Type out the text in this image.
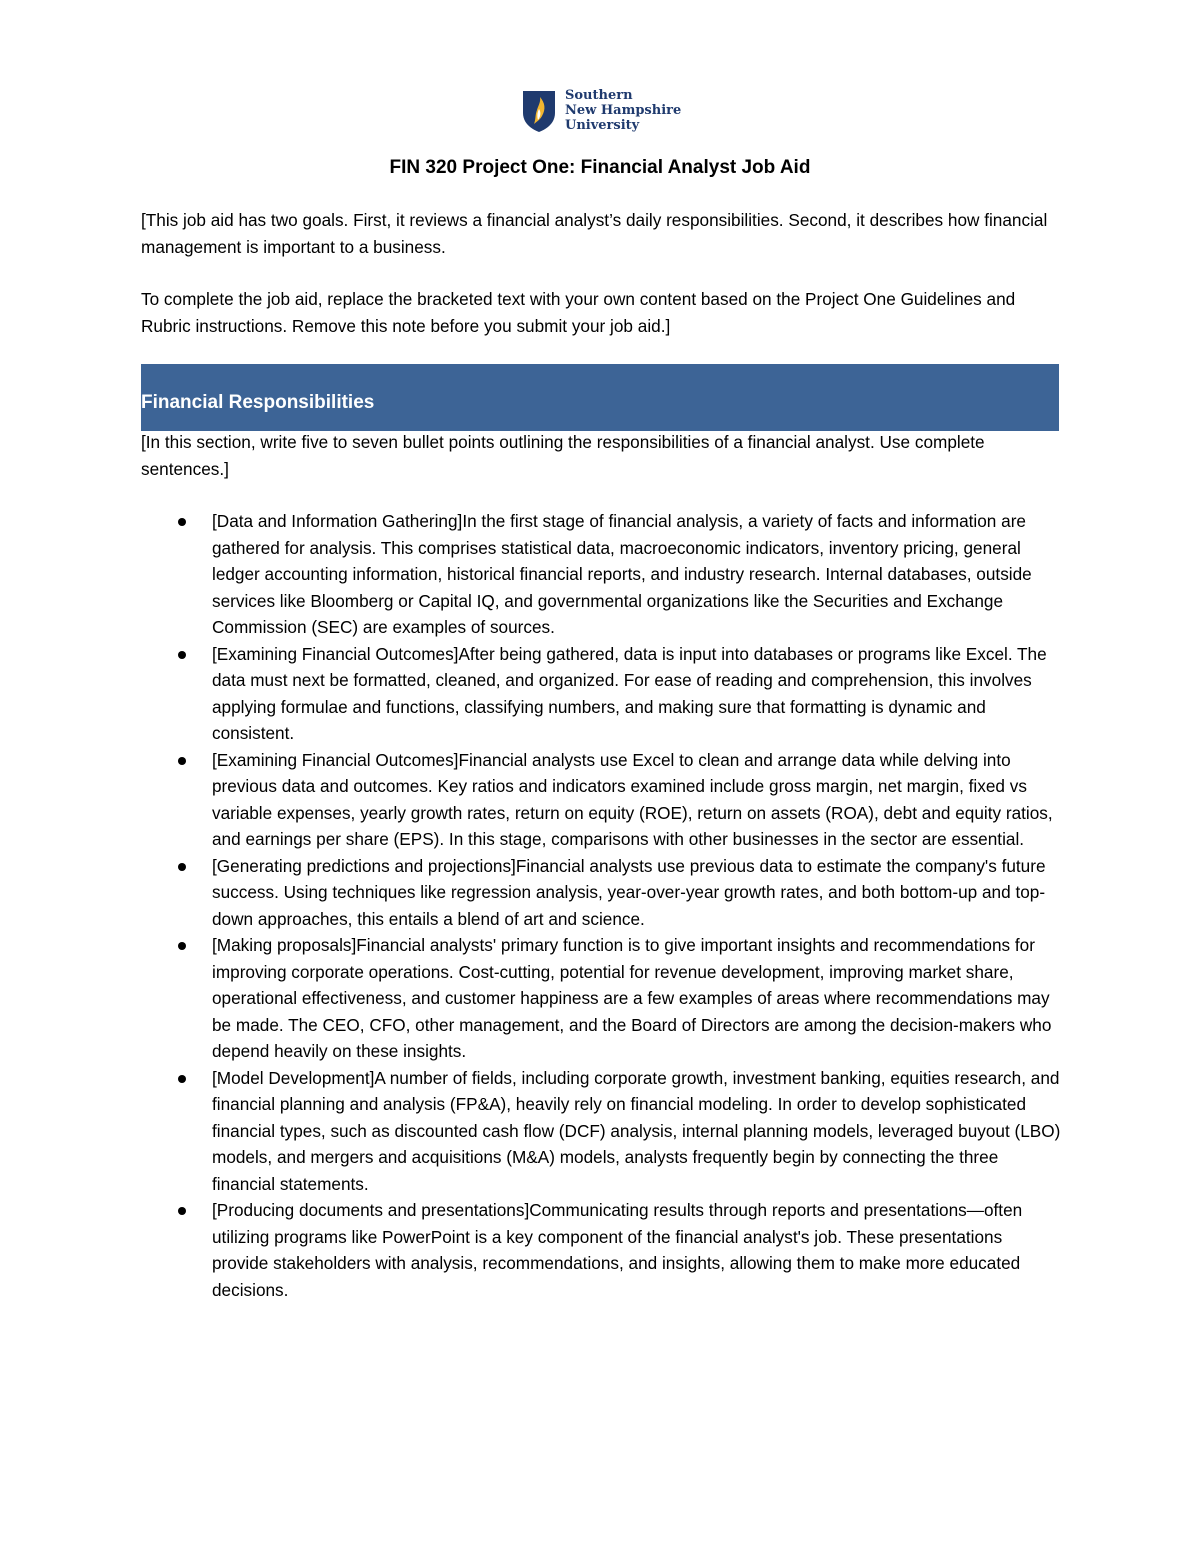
Southern
New Hampshire
University
FIN 320 Project One: Financial Analyst Job Aid
[This job aid has two goals. First, it reviews a financial analyst’s daily responsibilities. Second, it describes how financial management is important to a business.
To complete the job aid, replace the bracketed text with your own content based on the Project One Guidelines and Rubric instructions. Remove this note before you submit your job aid.]
Financial Responsibilities
[In this section, write five to seven bullet points outlining the responsibilities of a financial analyst. Use complete sentences.]
[Data and Information Gathering]In the first stage of financial analysis, a variety of facts and information are gathered for analysis. This comprises statistical data, macroeconomic indicators, inventory pricing, general ledger accounting information, historical financial reports, and industry research. Internal databases, outside services like Bloomberg or Capital IQ, and governmental organizations like the Securities and Exchange Commission (SEC) are examples of sources.
[Examining Financial Outcomes]After being gathered, data is input into databases or programs like Excel. The data must next be formatted, cleaned, and organized. For ease of reading and comprehension, this involves applying formulae and functions, classifying numbers, and making sure that formatting is dynamic and consistent.
[Examining Financial Outcomes]Financial analysts use Excel to clean and arrange data while delving into previous data and outcomes. Key ratios and indicators examined include gross margin, net margin, fixed vs variable expenses, yearly growth rates, return on equity (ROE), return on assets (ROA), debt and equity ratios, and earnings per share (EPS). In this stage, comparisons with other businesses in the sector are essential.
[Generating predictions and projections]Financial analysts use previous data to estimate the company's future success. Using techniques like regression analysis, year-over-year growth rates, and both bottom-up and top-down approaches, this entails a blend of art and science.
[Making proposals]Financial analysts' primary function is to give important insights and recommendations for improving corporate operations. Cost-cutting, potential for revenue development, improving market share, operational effectiveness, and customer happiness are a few examples of areas where recommendations may be made. The CEO, CFO, other management, and the Board of Directors are among the decision-makers who depend heavily on these insights.
[Model Development]A number of fields, including corporate growth, investment banking, equities research, and financial planning and analysis (FP&A), heavily rely on financial modeling. In order to develop sophisticated financial types, such as discounted cash flow (DCF) analysis, internal planning models, leveraged buyout (LBO) models, and mergers and acquisitions (M&A) models, analysts frequently begin by connecting the three financial statements.
[Producing documents and presentations]Communicating results through reports and presentations—often utilizing programs like PowerPoint is a key component of the financial analyst's job. These presentations provide stakeholders with analysis, recommendations, and insights, allowing them to make more educated decisions.
